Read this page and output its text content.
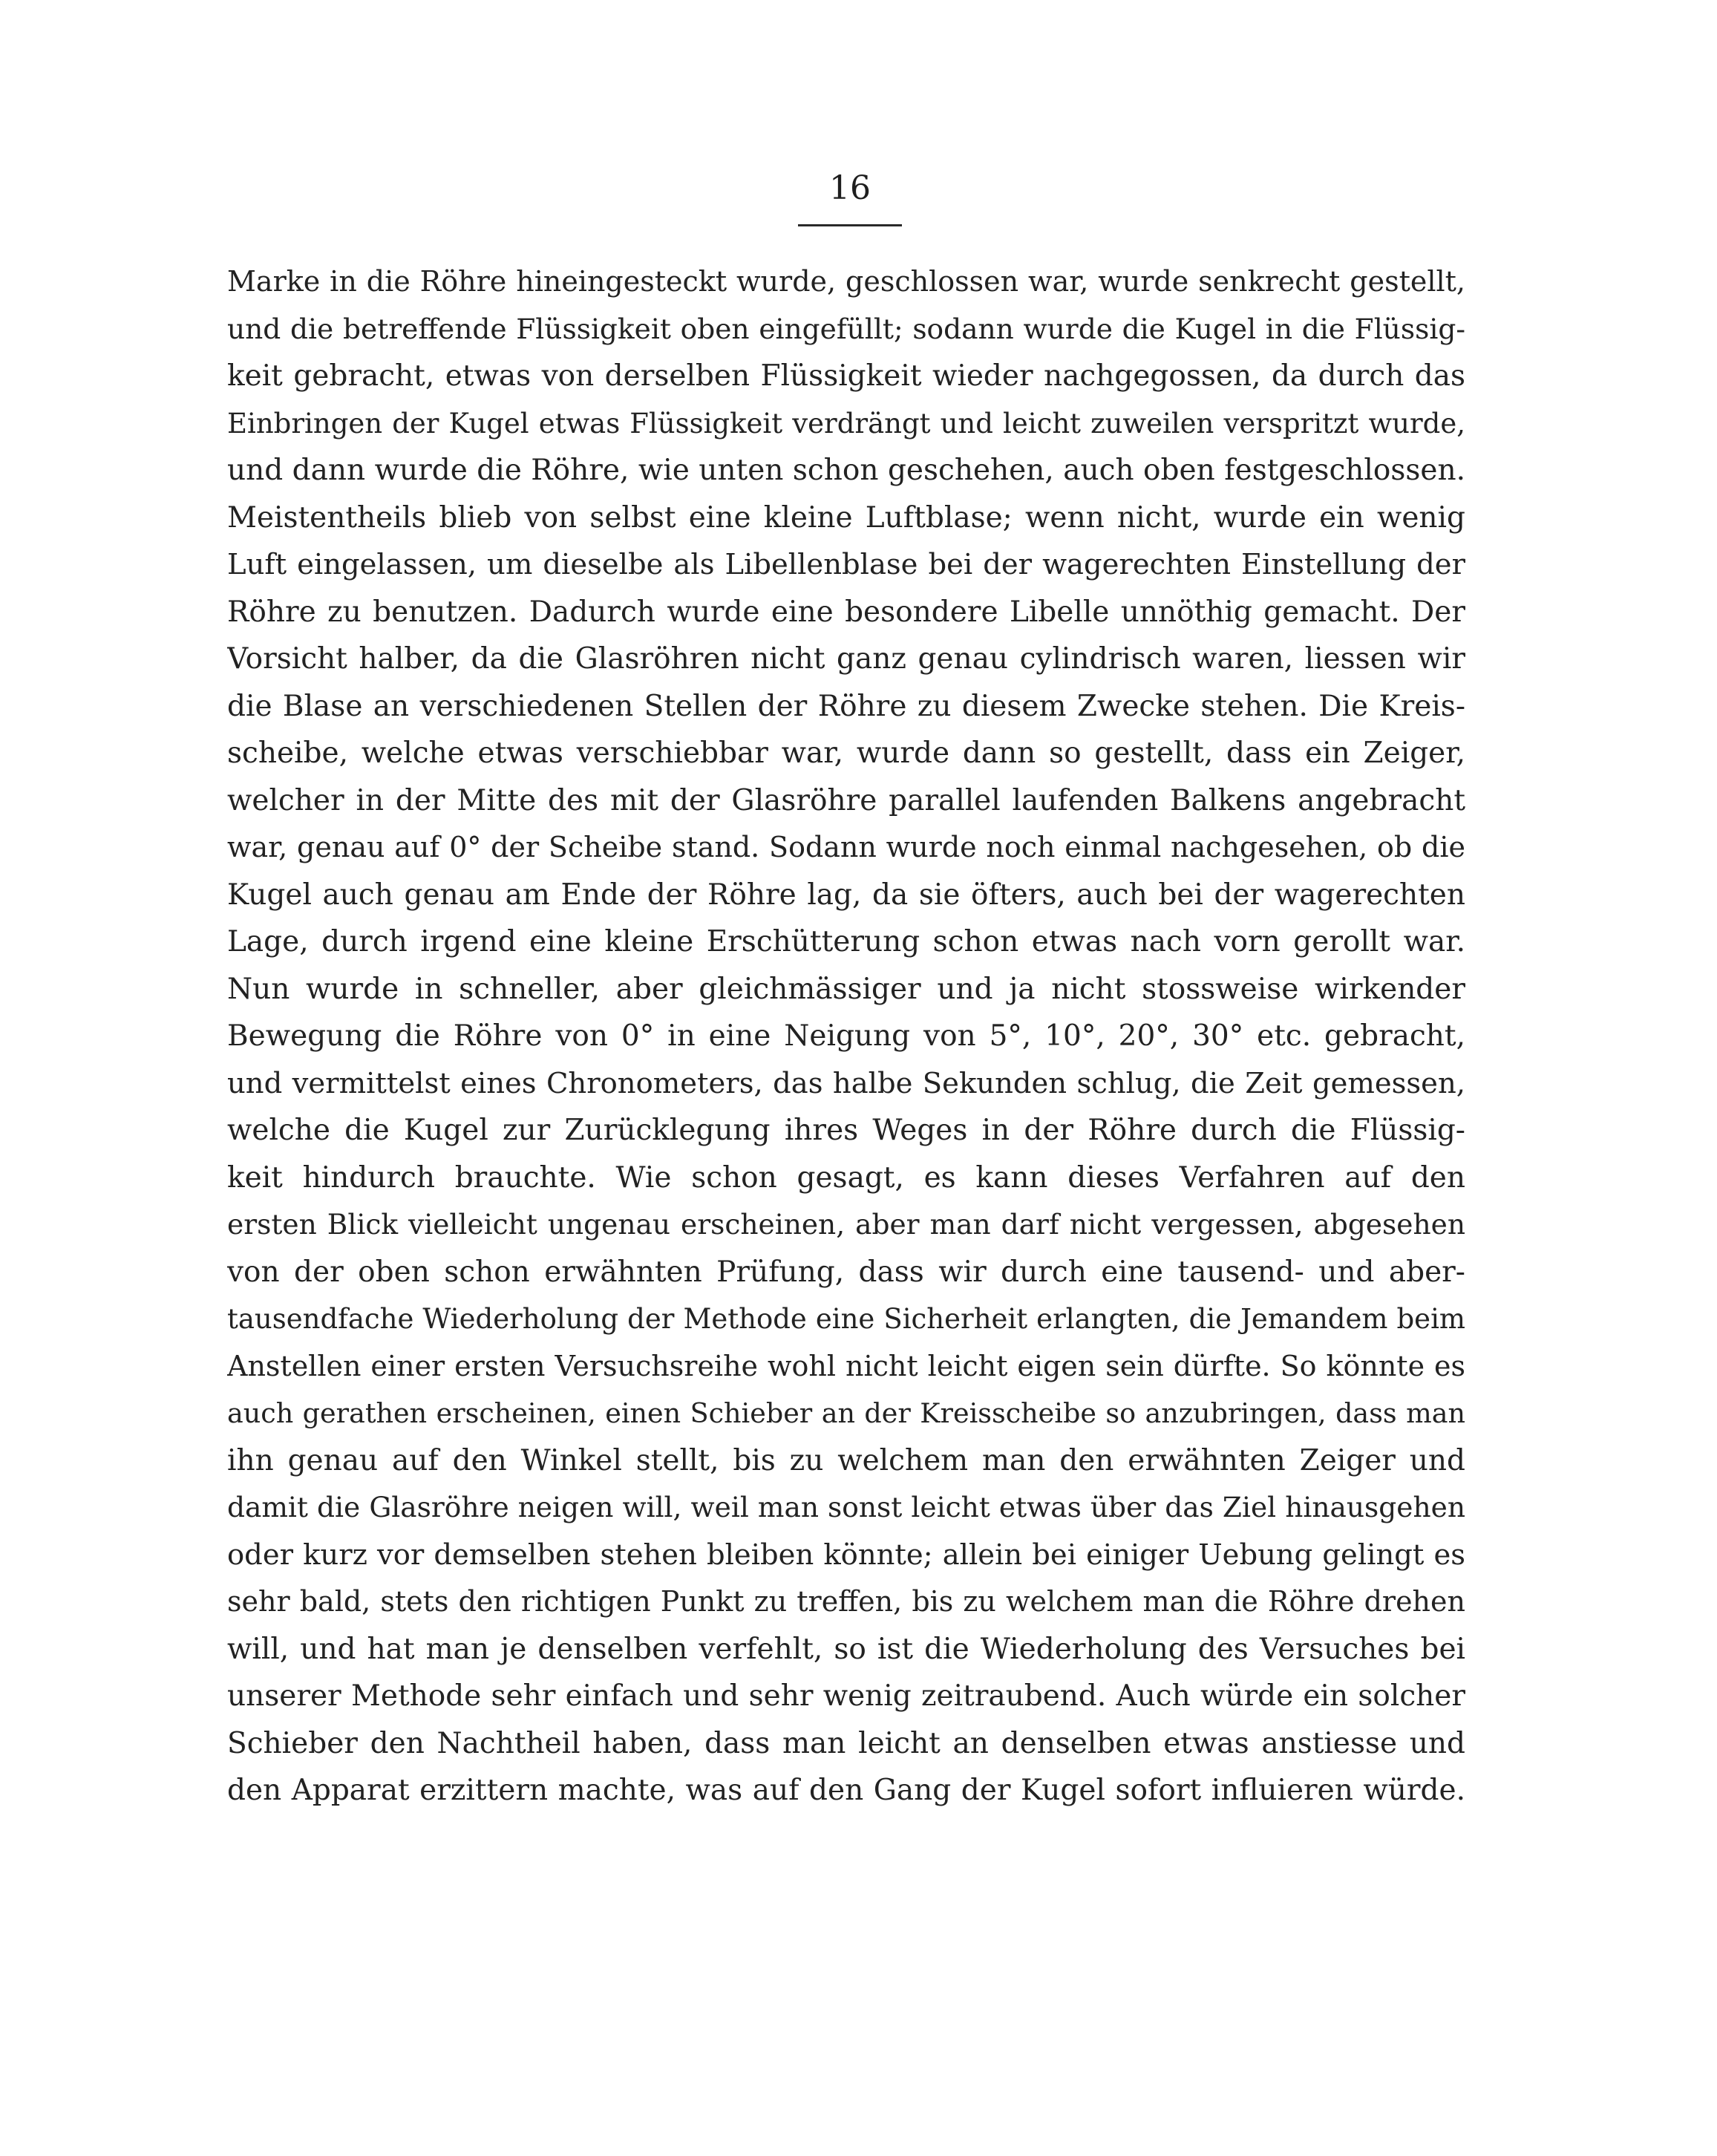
16
Marke in die Röhre hineingesteckt wurde, geschlossen war, wurde senkrecht gestellt,
und die betreffende Flüssigkeit oben eingefüllt; sodann wurde die Kugel in die Flüssig-
keit gebracht, etwas von derselben Flüssigkeit wieder nachgegossen, da durch das
Einbringen der Kugel etwas Flüssigkeit verdrängt und leicht zuweilen verspritzt wurde,
und dann wurde die Röhre, wie unten schon geschehen, auch oben festgeschlossen.
Meistentheils blieb von selbst eine kleine Luftblase; wenn nicht, wurde ein wenig
Luft eingelassen, um dieselbe als Libellenblase bei der wagerechten Einstellung der
Röhre zu benutzen. Dadurch wurde eine besondere Libelle unnöthig gemacht. Der
Vorsicht halber, da die Glasröhren nicht ganz genau cylindrisch waren, liessen wir
die Blase an verschiedenen Stellen der Röhre zu diesem Zwecke stehen. Die Kreis-
scheibe, welche etwas verschiebbar war, wurde dann so gestellt, dass ein Zeiger,
welcher in der Mitte des mit der Glasröhre parallel laufenden Balkens angebracht
war, genau auf 0° der Scheibe stand. Sodann wurde noch einmal nachgesehen, ob die
Kugel auch genau am Ende der Röhre lag, da sie öfters, auch bei der wagerechten
Lage, durch irgend eine kleine Erschütterung schon etwas nach vorn gerollt war.
Nun wurde in schneller, aber gleichmässiger und ja nicht stossweise wirkender
Bewegung die Röhre von 0° in eine Neigung von 5°, 10°, 20°, 30° etc. gebracht,
und vermittelst eines Chronometers, das halbe Sekunden schlug, die Zeit gemessen,
welche die Kugel zur Zurücklegung ihres Weges in der Röhre durch die Flüssig-
keit hindurch brauchte. Wie schon gesagt, es kann dieses Verfahren auf den
ersten Blick vielleicht ungenau erscheinen, aber man darf nicht vergessen, abgesehen
von der oben schon erwähnten Prüfung, dass wir durch eine tausend- und aber-
tausendfache Wiederholung der Methode eine Sicherheit erlangten, die Jemandem beim
Anstellen einer ersten Versuchsreihe wohl nicht leicht eigen sein dürfte. So könnte es
auch gerathen erscheinen, einen Schieber an der Kreisscheibe so anzubringen, dass man
ihn genau auf den Winkel stellt, bis zu welchem man den erwähnten Zeiger und
damit die Glasröhre neigen will, weil man sonst leicht etwas über das Ziel hinausgehen
oder kurz vor demselben stehen bleiben könnte; allein bei einiger Uebung gelingt es
sehr bald, stets den richtigen Punkt zu treffen, bis zu welchem man die Röhre drehen
will, und hat man je denselben verfehlt, so ist die Wiederholung des Versuches bei
unserer Methode sehr einfach und sehr wenig zeitraubend. Auch würde ein solcher
Schieber den Nachtheil haben, dass man leicht an denselben etwas anstiesse und
den Apparat erzittern machte, was auf den Gang der Kugel sofort influieren würde.
